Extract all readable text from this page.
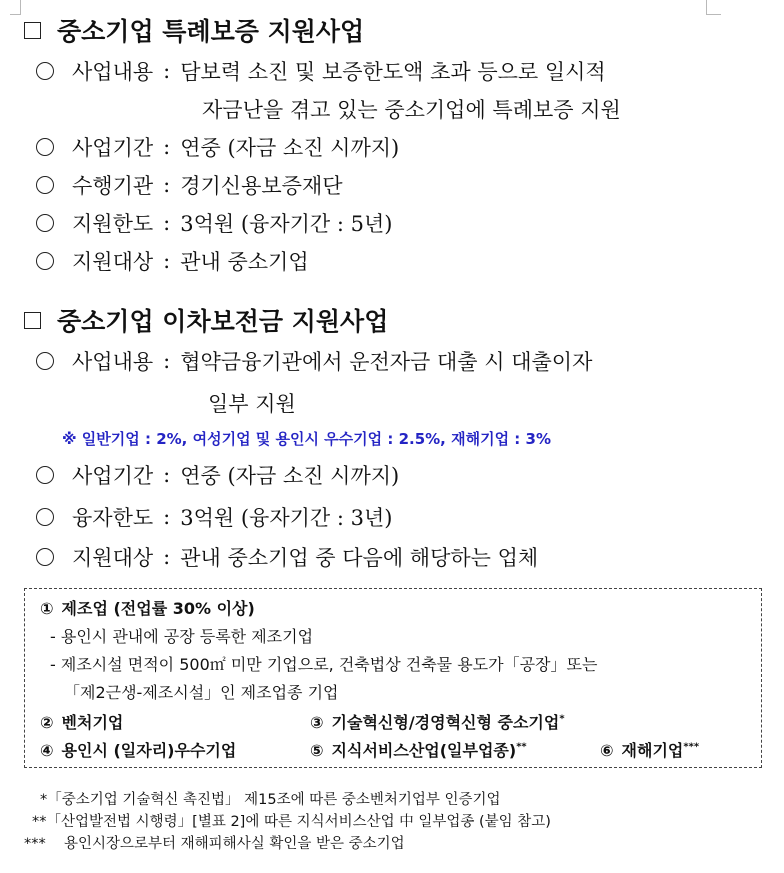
중소기업 특례보증 지원사업
사업내용 : 담보력 소진 및 보증한도액 초과 등으로 일시적
자금난을 겪고 있는 중소기업에 특례보증 지원
사업기간 : 연중 (자금 소진 시까지)
수행기관 : 경기신용보증재단
지원한도 : 3억원 (융자기간 : 5년)
지원대상 : 관내 중소기업
중소기업 이차보전금 지원사업
사업내용 : 협약금융기관에서 운전자금 대출 시 대출이자
일부 지원
※ 일반기업 : 2%, 여성기업 및 용인시 우수기업 : 2.5%, 재해기업 : 3%
사업기간 : 연중 (자금 소진 시까지)
융자한도 : 3억원 (융자기간 : 3년)
지원대상 : 관내 중소기업 중 다음에 해당하는 업체
① 제조업 (전업률 30% 이상)
- 용인시 관내에 공장 등록한 제조기업
- 제조시설 면적이 500㎡ 미만 기업으로, 건축법상 건축물 용도가「공장」또는
「제2근생-제조시설」인 제조업종 기업
② 벤처기업	③ 기술혁신형/경영혁신형 중소기업*
④ 용인시 (일자리)우수기업	⑤ 지식서비스산업(일부업종)**	⑥ 재해기업***
*「중소기업 기술혁신 촉진법」 제15조에 따른 중소벤처기업부 인증기업
**「산업발전법 시행령」[별표 2]에 따른 지식서비스산업 中 일부업종 (붙임 참고)
*** 용인시장으로부터 재해피해사실 확인을 받은 중소기업
